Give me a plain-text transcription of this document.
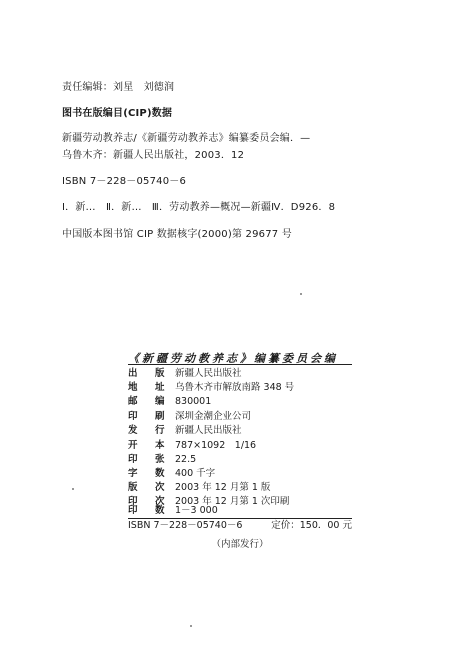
责任编辑：刘星　刘德润
图书在版编目(CIP)数据
新疆劳动教养志/《新疆劳动教养志》编纂委员会编．—
乌鲁木齐：新疆人民出版社，2003．12
ISBN 7－228－05740－6
Ⅰ．新…　Ⅱ．新…　Ⅲ．劳动教养—概况—新疆Ⅳ．D926．8
中国版本图书馆 CIP 数据核字(2000)第 29677 号
《新疆劳动教养志》编纂委员会编
出　版 新疆人民出版社
地　址 乌鲁木齐市解放南路 348 号
邮　编 830001
印　刷 深圳金潮企业公司
发　行 新疆人民出版社
开　本 787×1092　1/16
印　张 22.5
字　数 400 千字
版　次 2003 年 12 月第 1 版
印　次 2003 年 12 月第 1 次印刷
印　数 1－3 000
ISBN 7－228－05740－6	定价：150．00 元
（内部发行）
